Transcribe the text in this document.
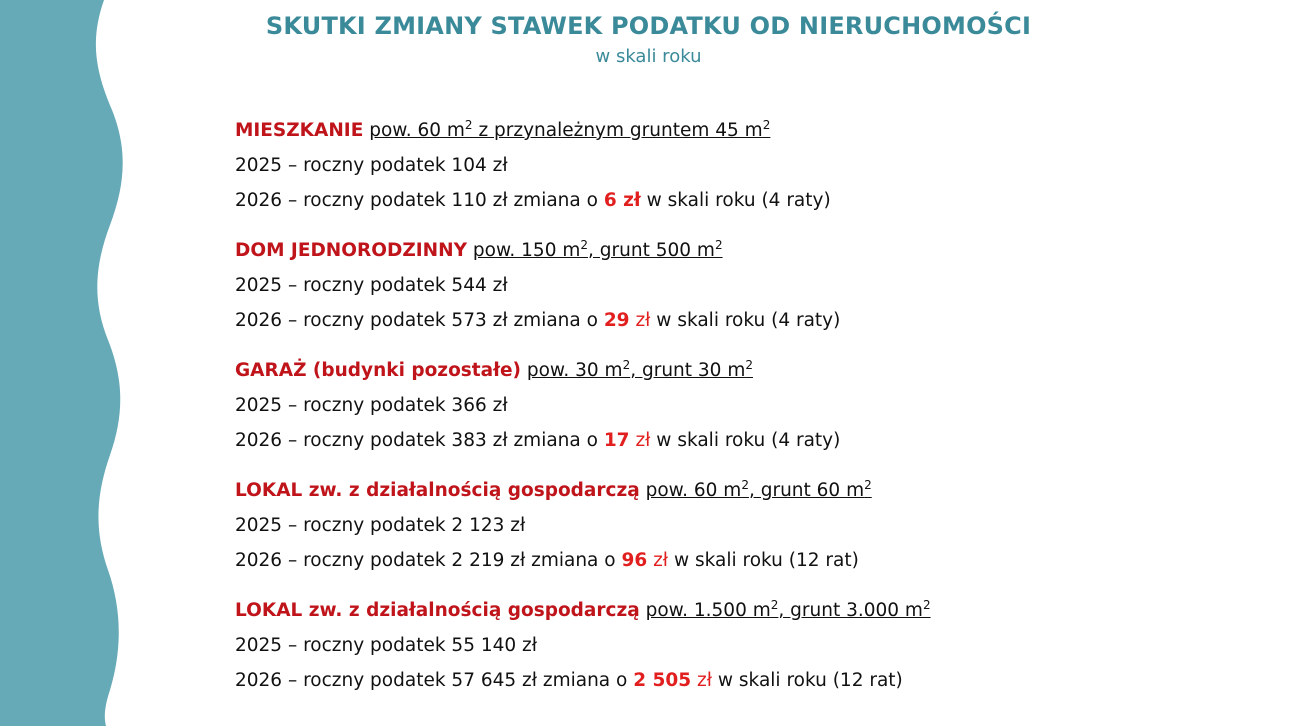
SKUTKI ZMIANY STAWEK PODATKU OD NIERUCHOMOŚCI
w skali roku
MIESZKANIE pow. 60 $m^2$ z przynależnym gruntem 45 $m^2$
2025 – roczny podatek 104 zł
2026 – roczny podatek 110 zł zmiana o 6 zł w skali roku (4 raty)
DOM JEDNORODZINNY pow. 150 $m^2$, grunt 500 $m^2$
2025 – roczny podatek 544 zł
2026 – roczny podatek 573 zł zmiana o 29 zł w skali roku (4 raty)
GARAŻ (budynki pozostałe) pow. 30 $m^2$, grunt 30 $m^2$
2025 – roczny podatek 366 zł
2026 – roczny podatek 383 zł zmiana o 17 zł w skali roku (4 raty)
LOKAL zw. z działalnością gospodarczą pow. 60 $m^2$, grunt 60 $m^2$
2025 – roczny podatek 2 123 zł
2026 – roczny podatek 2 219 zł zmiana o 96 zł w skali roku (12 rat)
LOKAL zw. z działalnością gospodarczą pow. 1.500 $m^2$, grunt 3.000 $m^2$
2025 – roczny podatek 55 140 zł
2026 – roczny podatek 57 645 zł zmiana o 2 505 zł w skali roku (12 rat)
